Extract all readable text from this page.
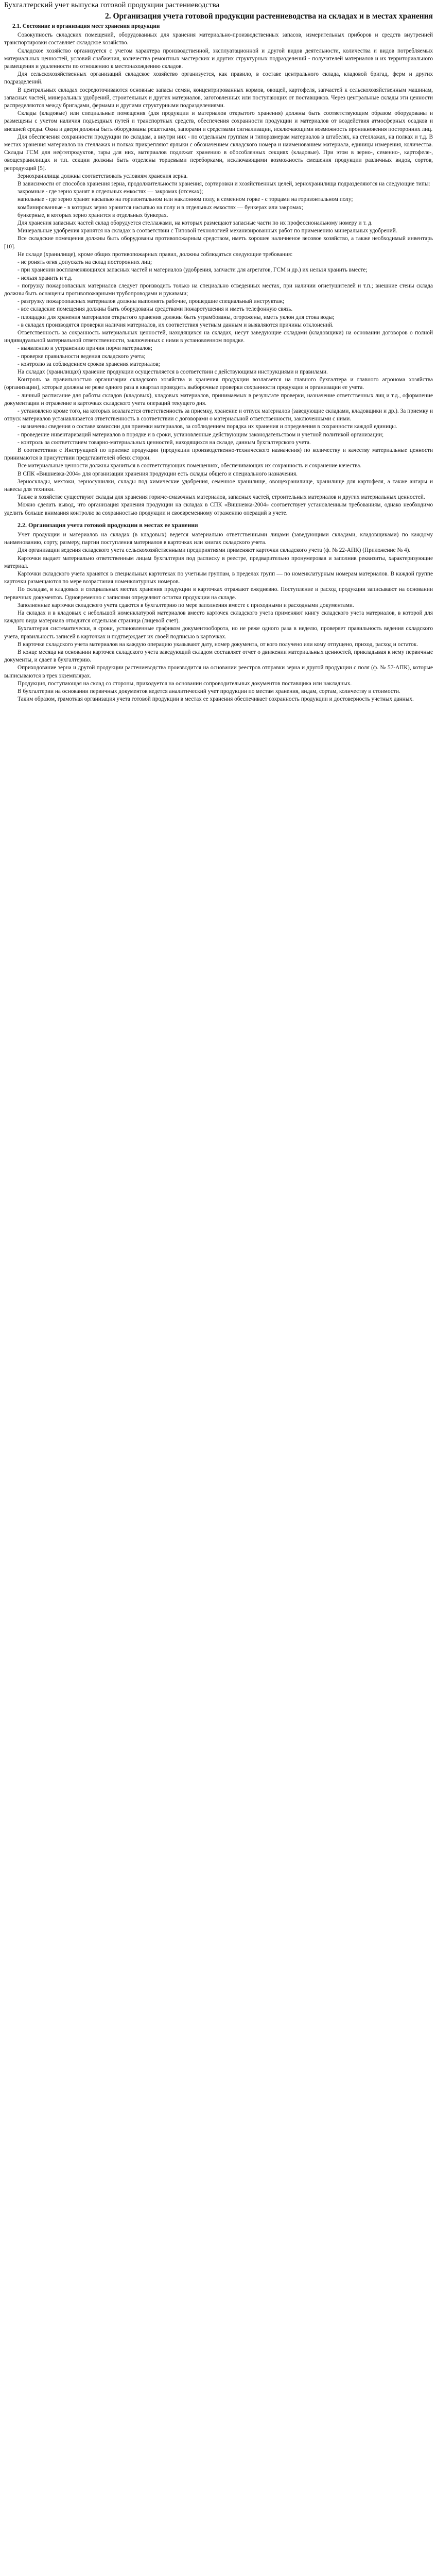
Бухгалтерский учет выпуска готовой продукции растениеводства
2. Организация учета готовой продукции растениеводства на складах и в местах хранения
2.1. Состояние и организация мест хранения продукции

Совокупность складских помещений, оборудованных для хранения материально-производственных запасов, измерительных приборов и средств внутренней транспортировки составляет складское хозяйство.

Складское хозяйство организуется с учетом характера производственной, эксплуатационной и другой видов деятельности, количества и видов потребляемых материальных ценностей, условий снабжения, количества ремонтных мастерских и других структурных подразделений - получателей материалов и их территориального размещения и удаленности по отношению к местонахождению складов.

Для сельскохозяйственных организаций складское хозяйство организуется, как правило, в составе центрального склада, кладовой бригад, ферм и других подразделений.

В центральных складах сосредоточиваются основные запасы семян, концентрированных кормов, овощей, картофеля, запчастей к сельскохозяйственным машинам, запасных частей, минеральных удобрений, строительных и других материалов, заготовленных или поступающих от поставщиков. Через центральные склады эти ценности распределяются между бригадами, фермами и другими структурными подразделениями.

Склады (кладовые) или специальные помещения (для продукции и материалов открытого хранения) должны быть соответствующим образом оборудованы и размещены с учетом наличия подъездных путей и транспортных средств, обеспечения сохранности продукции и материалов от воздействия атмосферных осадков и внешней среды. Окна и двери должны быть оборудованы решетками, запорами и средствами сигнализации, исключающими возможность проникновения посторонних лиц.

Для обеспечения сохранности продукции по складам, а внутри них - по отдельным группам и типоразмерам материалов в штабелях, на стеллажах, на полках и т.д. В местах хранения материалов на стеллажах и полках прикрепляют ярлыки с обозначением складского номера и наименованием материала, единицы измерения, количества. Склады ГСМ для нефтепродуктов, тары для них, материалов подлежат хранению в обособленных секциях (кладовые). При этом в зерно-, семенно-, картофеле-, овощехранилищах и т.п. секции должны быть отделены торцевыми переборками, исключающими возможность смешения продукции различных видов, сортов, репродукций [5].

Зернохранилища должны соответствовать условиям хранения зерна.

В зависимости от способов хранения зерна, продолжительности хранения, сортировки и хозяйственных целей, зернохранилища подразделяются на следующие типы:

закромные - где зерно хранят в отдельных емкостях — закромах (отсеках);

напольные - где зерно хранят насыпью на горизонтальном или наклонном полу, в семенном горке - с торцами на горизонтальном полу;

комбинированные - в которых зерно хранится насыпью на полу и в отдельных емкостях — бункерах или закромах;

бункерные, в которых зерно хранится в отдельных бункерах.

Для хранения запасных частей склад оборудуется стеллажами, на которых размещают запасные части по их профессиональному номеру и т. д.

Минеральные удобрения хранятся на складах в соответствии с Типовой технологией механизированных работ по применению минеральных удобрений.

Все складские помещения должны быть оборудованы противопожарным средством, иметь хорошее наличиеное весовое хозяйство, а также необходимый инвентарь [10].

Не складе (хранилище), кроме общих противопожарных правил, должны соблюдаться следующие требования:

- не ронять огня допускать на склад посторонних лиц;

- при хранении воспламеняющихся запасных частей и материалов (удобрения, запчасти для агрегатов, ГСМ и др.) их нельзя хранить вместе;

- нельзя хранить и т.д.

- погрузку пожароопасных материалов следует производить только на специально отведенных местах, при наличии огнетушителей и т.п.; внешние стены склада должны быть оснащены противопожарными трубопроводами и рукавами;

- разгрузку пожароопасных материалов должны выполнять рабочие, прошедшие специальный инструктаж;

- все складские помещения должны быть оборудованы средствами пожаротушения и иметь телефонную связь.

- площадки для хранения материалов открытого хранения должны быть утрамбованы, огорожены, иметь уклон для стока воды;

- в складах производятся проверки наличия материалов, их соответствия учетным данным и выявляются причины отклонений.

Ответственность за сохранность материальных ценностей, находящихся на складах, несут заведующие складами (кладовщики) на основании договоров о полной индивидуальной материальной ответственности, заключенных с ними в установленном порядке.

- выявлению и устранению причин порчи материалов;

- проверке правильности ведения складского учета;

- контролю за соблюдением сроков хранения материалов;

На складах (хранилищах) хранение продукции осуществляется в соответствии с действующими инструкциями и правилами.

Контроль за правильностью организации складского хозяйства и хранения продукции возлагается на главного бухгалтера и главного агронома хозяйства (организации), которые должны не реже одного раза в квартал проводить выборочные проверки сохранности продукции и организации ее учета.

- личный расписание для работы складов (кладовых), кладовых материалов, принимаемых в результате проверки, назначение ответственных лиц и т.д., оформление документации и отражение в карточках складского учета операций текущего дня.

- установлено кроме того, на которых возлагается ответственность за приемку, хранение и отпуск материалов (заведующие складами, кладовщики и др.). За приемку и отпуск материалов устанавливается ответственность в соответствии с договорами о материальной ответственности, заключенными с ними.

- назначены сведения о составе комиссии для приемки материалов, за соблюдением порядка их хранения и определения в сохранности каждой единицы.

- проведение инвентаризаций материалов в порядке и в сроки, установленные действующим законодательством и учетной политикой организации;

- контроль за соответствием товарно-материальных ценностей, находящихся на складе, данным бухгалтерского учета.

В соответствии с Инструкцией по приемке продукции (продукции производственно-технического назначения) по количеству и качеству материальные ценности принимаются в присутствии представителей обеих сторон.

Все материальные ценности должны храниться в соответствующих помещениях, обеспечивающих их сохранность и сохранение качества.

В СПК «Вишневка-2004» для организации хранения продукции есть склады общего и специального назначения.

Зерносклады, мехтоки, зерносушилки, склады под химические удобрения, семенное хранилище, овощехранилище, хранилище для картофеля, а также ангары и навесы для техники.

Также в хозяйстве существуют склады для хранения горюче-смазочных материалов, запасных частей, строительных материалов и других материальных ценностей.

Можно сделать вывод, что организация хранения продукции на складах в СПК «Вишневка-2004» соответствует установленным требованиям, однако необходимо уделить больше внимания контролю за сохранностью продукции и своевременному отражению операций в учете.

2.2. Организация учета готовой продукции в местах ее хранения

Учет продукции и материалов на складах (в кладовых) ведется материально ответственными лицами (заведующими складами, кладовщиками) по каждому наименованию, сорту, размеру, партии поступления материалов в карточках или книгах складского учета.

Для организации ведения складского учета сельскохозяйственными предприятиями применяют карточки складского учета (ф. № 22-АПК) (Приложение № 4).

Карточки выдает материально ответственным лицам бухгалтерия под расписку в реестре, предварительно пронумеровав и заполнив реквизиты, характеризующие материал.

Карточки складского учета хранятся в специальных картотеках по учетным группам, в пределах групп — по номенклатурным номерам материалов. В каждой группе карточки размещаются по мере возрастания номенклатурных номеров.

По складам, в кладовых и специальных местах хранения продукции в карточках отражают ежедневно. Поступление и расход продукции записывают на основании первичных документов. Одновременно с записями определяют остатки продукции на складе.

Заполненные карточки складского учета сдаются в бухгалтерию по мере заполнения вместе с приходными и расходными документами.

На складах и в кладовых с небольшой номенклатурой материалов вместо карточек складского учета применяют книгу складского учета материалов, в которой для каждого вида материала отводится отдельная страница (лицевой счет).

Бухгалтерия систематически, в сроки, установленные графиком документооборота, но не реже одного раза в неделю, проверяет правильность ведения складского учета, правильность записей в карточках и подтверждает их своей подписью в карточках.

В карточке складского учета материалов на каждую операцию указывают дату, номер документа, от кого получено или кому отпущено, приход, расход и остаток.

В конце месяца на основании карточек складского учета заведующий складом составляет отчет о движении материальных ценностей, прикладывая к нему первичные документы, и сдает в бухгалтерию.

Оприходование зерна и другой продукции растениеводства производится на основании реестров отправки зерна и другой продукции с поля (ф. № 57-АПК), которые выписываются в трех экземплярах.

Продукция, поступающая на склад со стороны, приходуется на основании сопроводительных документов поставщика или накладных.

В бухгалтерии на основании первичных документов ведется аналитический учет продукции по местам хранения, видам, сортам, количеству и стоимости.

Таким образом, грамотная организация учета готовой продукции в местах ее хранения обеспечивает сохранность продукции и достоверность учетных данных.
